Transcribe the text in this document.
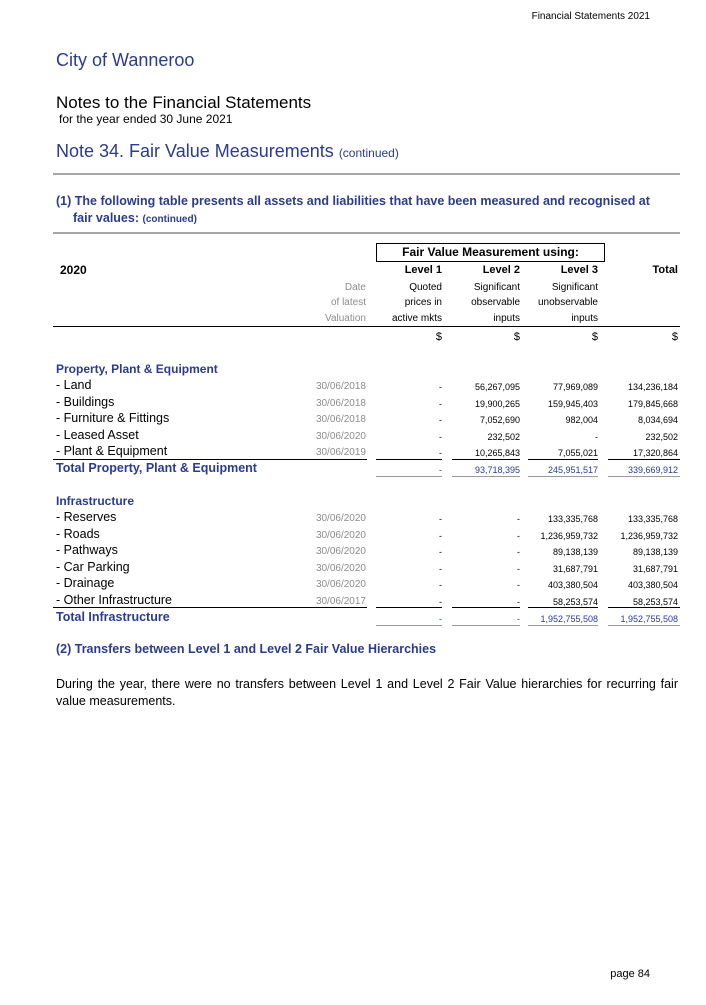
Financial Statements 2021
City of Wanneroo
Notes to the Financial Statements
for the year ended 30 June 2021
Note 34. Fair Value Measurements (continued)
(1) The following table presents all assets and liabilities that have been measured and recognised at
fair values: (continued)
Fair Value Measurement using:
2020	Level 1	Level 2	Level 3	Total
Date
of latest
Valuation
Quoted
prices in
active mkts
Significant
observable
inputs
Significant
unobservable
inputs
$	$	$	$
Property, Plant & Equipment
- Land	30/06/2018	-	56,267,095	77,969,089	134,236,184
- Buildings	30/06/2018	-	19,900,265	159,945,403	179,845,668
- Furniture & Fittings	30/06/2018	-	7,052,690	982,004	8,034,694
- Leased Asset	30/06/2020	-	232,502	-	232,502
- Plant & Equipment	30/06/2019	-	10,265,843	7,055,021	17,320,864
Total Property, Plant & Equipment	-	93,718,395	245,951,517	339,669,912
Infrastructure
- Reserves	30/06/2020	-	-	133,335,768	133,335,768
- Roads	30/06/2020	-	-	1,236,959,732	1,236,959,732
- Pathways	30/06/2020	-	-	89,138,139	89,138,139
- Car Parking	30/06/2020	-	-	31,687,791	31,687,791
- Drainage	30/06/2020	-	-	403,380,504	403,380,504
- Other Infrastructure	30/06/2017	-	-	58,253,574	58,253,574
Total Infrastructure	-	-	1,952,755,508	1,952,755,508
(2) Transfers between Level 1 and Level 2 Fair Value Hierarchies
During the year, there were no transfers between Level 1 and Level 2 Fair Value hierarchies for recurring fair value measurements.
page 84
